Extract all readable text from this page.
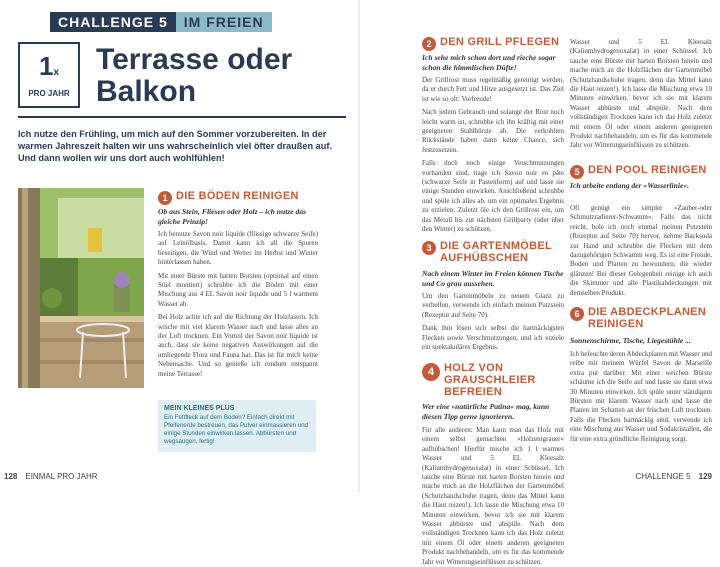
CHALLENGE 5	IM FREIEN
1x
PRO JAHR
Terrasse oder Balkon
Ich nutze den Frühling, um mich auf den Sommer vorzubereiten. In der warmen Jahreszeit halten wir uns wahrscheinlich viel öfter draußen auf. Und dann wollen wir uns dort auch wohlfühlen!
1 DIE BÖDEN REINIGEN
Ob aus Stein, Fliesen oder Holz – ich nutze das gleiche Prinzip!

Ich benutze Savon noir liquide (flüssige schwarze Seife) auf Leinölbasis. Damit kann ich all die Spuren beseitigen, die Wind und Wetter im Herbst und Winter hinterlassen haben.

Mit einer Bürste mit harten Borsten (optional auf einen Stiel montiert) schrubbe ich die Böden mit einer Mischung aus 4 EL Savon noir liquide und 5 l warmem Wasser ab.

Bei Holz achte ich auf die Richtung der Holzfasern. Ich wische mit viel klarem Wasser nach und lasse alles an der Luft trocknen. Ein Vorteil der Savon noir liquide ist auch, dass sie keine negativen Auswirkungen auf die umliegende Flora und Fauna hat. Das ist für mich keine Nebensache. Und so genieße ich rundum entspannt meine Terrasse!

MEIN KLEINES PLUS
Ein Fettfleck auf dem Boden? Einfach direkt mit Pfeifenerde bestreuen, das Pulver einmassieren und einige Stunden einwirken lassen. Abbürsten und wegsaugen, fertig!
128 EINMAL PRO JAHR
2 DEN GRILL PFLEGEN
Ich sehe mich schon dort und rieche sogar schon die himmlischen Düfte!

Der Grillrost muss regelmäßig gereinigt werden, da er durch Fett und Hitze ausgesetzt ist. Das Ziel ist wie so oft: Vorfreude!

Nach jedem Gebrauch und solange der Rost noch leicht warm ist, schrubbe ich ihn kräftig mit einer geeigneten Stahlbürste ab. Die verkohlten Rückstände haben dann keine Chance, sich festzusetzen.

Falls doch noch einige Verschmutzungen vorhanden sind, trage ich Savon noir en pâte (schwarze Seife in Pastenform) auf und lasse sie einige Stunden einwirken. Anschließend schrubbe und spüle ich alles ab, um ein optimales Ergebnis zu erzielen. Zuletzt öle ich den Grillrost ein, um das Metall bis zur nächsten Grillparty (oder über den Winter) zu schützen.

3 DIE GARTENMÖBEL AUFHÜBSCHEN
Nach einem Winter im Freien können Tische und Co grau aussehen.

Um den Gartenmöbeln zu neuem Glanz zu verhelfen, verwende ich einfach meinen Putzstein (Rezeptur auf Seite 70).

Dank ihm lösen sich selbst die hartnäckigsten Flecken sowie Verschmutzungen, und ich erziele ein spektakuläres Ergebnis.

4 HOLZ VON GRAUSCHLEIER BEFREIEN
Wer eine »natürliche Patina« mag, kann diesen Tipp gerne ignorieren.

Für alle anderen: Man kann man das Holz mit einem selbst gemachten »Holzentgrauer« aufhübschen! Hierfür mische ich 1 l warmes Wasser und 5 EL Kleesalz (Kaliumhydrogenoxalat) in einer Schüssel. Ich tauche eine Bürste mit harten Borsten hinein und mache mich an die Holzflächen der Gartenmöbel (Schutzhandschuhe tragen, denn das Mittel kann die Haut reizen!). Ich lasse die Mischung etwa 10 Minuten einwirken, bevor ich sie mit klarem Wasser abbürste und abspüle. Nach dem vollständigen Trocknen kann ich das Holz zuletzt mit einem Öl oder einem anderen geeigneten Produkt nachbehandeln, um es für das kommende Jahr vor Witterungseinflüssen zu schützen.

Wasser und 5 EL Kleesalz (Kaliumhydrogenoxalat) in einer Schüssel. Ich tauche eine Bürste mit harten Borsten hinein und mache mich an die Holzflächen der Gartenmöbel (Schutzhandschuhe tragen, denn das Mittel kann die Haut reizen!). Ich lasse die Mischung etwa 10 Minuten einwirken, bevor ich sie mit klarem Wasser abbürste und abspüle. Nach dem vollständigen Trocknen kann ich das Holz zuletzt mit einem Öl oder einem anderen geeigneten Produkt nachbehandeln, um es für das kommende Jahr vor Witterungseinflüssen zu schützen.

5 DEN POOL REINIGEN
Ich arbeite entlang der »Wasserlinie«.

Oft genügt ein simpler »Zauber-oder Schmutzradierer-Schwamm«. Falls das nicht reicht, hole ich noch einmal meinen Putzstein (Rezeptur auf Seite 70) hervor, nehme Backsoda zur Hand und schrubbe die Flecken mit dem dazugehörigen Schwamm weg. Es ist eine Freude, Boden und Platten zu bewundern, die wieder glänzen! Bei dieser Gelegenheit reinige ich auch die Skimmer und alle Plastikabdeckungen mit demselben Produkt.

6 DIE ABDECKPLANEN REINIGEN
Sonnenschirme, Tische, Liegestühle ...

Ich befeuchte deren Abdeckplanen mit Wasser und reibe mit meinem Würfel Savon de Marseille extra pur darüber. Mit einer weichen Bürste schäume ich die Seife auf und lasse sie dann etwa 30 Minuten einwirken. Ich spüle unter ständigem Bürsten mit klarem Wasser nach und lasse die Planen im Schatten an der frischen Luft trocknen. Falls die Flecken hartnäckig sind, verwende ich eine Mischung aus Wasser und Sodakristallen, die für eine extra gründliche Reinigung sorgt.

CHALLENGE 5 129
